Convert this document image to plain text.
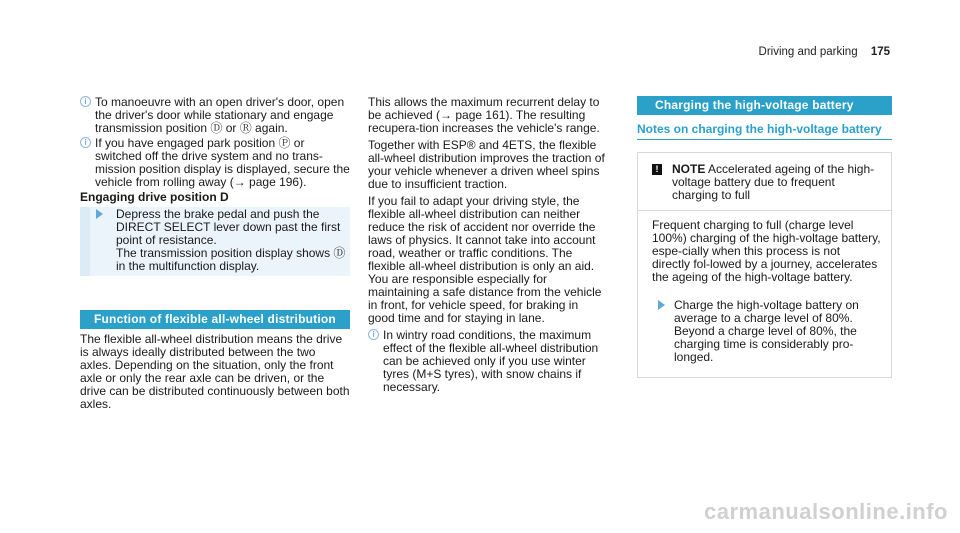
Driving and parking 175
i To manoeuvre with an open driver's door, open the driver's door while stationary and engage transmission position Ⓓ or Ⓡ again.
i If you have engaged park position Ⓟ or switched off the drive system and no trans-mission position display is displayed, secure the vehicle from rolling away (→ page 196).
Engaging drive position D
Depress the brake pedal and push the DIRECT SELECT lever down past the first point of resistance.
The transmission position display shows Ⓓ in the multifunction display.
Function of flexible all-wheel distribution
The flexible all-wheel distribution means the drive is always ideally distributed between the two axles. Depending on the situation, only the front axle or only the rear axle can be driven, or the drive can be distributed continuously between both axles.
This allows the maximum recurrent delay to be achieved (→ page 161). The resulting recupera-tion increases the vehicle's range.
Together with ESP® and 4ETS, the flexible all-wheel distribution improves the traction of your vehicle whenever a driven wheel spins due to insufficient traction.
If you fail to adapt your driving style, the flexible all-wheel distribution can neither reduce the risk of accident nor override the laws of physics. It cannot take into account road, weather or traffic conditions. The flexible all-wheel distribution is only an aid. You are responsible especially for maintaining a safe distance from the vehicle in front, for vehicle speed, for braking in good time and for staying in lane.
i In wintry road conditions, the maximum effect of the flexible all-wheel distribution can be achieved only if you use winter tyres (M+S tyres), with snow chains if necessary.
Charging the high-voltage battery
Notes on charging the high-voltage battery
! NOTE Accelerated ageing of the high-voltage battery due to frequent charging to full
Frequent charging to full (charge level 100%) charging of the high-voltage battery, espe-cially when this process is not directly fol-lowed by a journey, accelerates the ageing of the high-voltage battery.
Charge the high-voltage battery on average to a charge level of 80%. Beyond a charge level of 80%, the charging time is considerably pro-longed.
carmanualsonline.info
